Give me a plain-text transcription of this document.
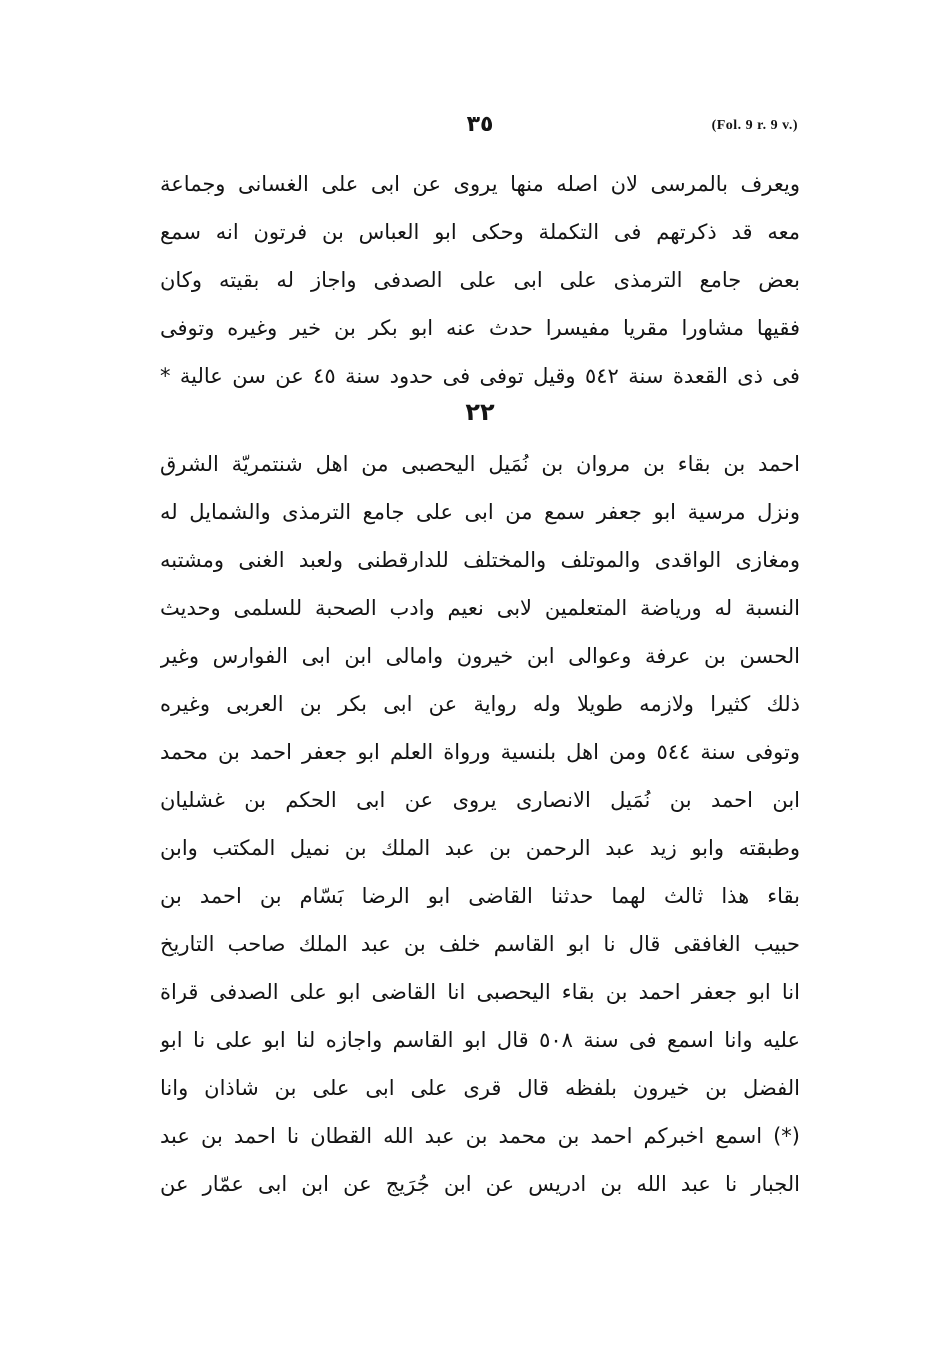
(Fol. 9 r. 9 v.)
٣٥
ويعرف بالمرسى لان اصله منها يروى عن ابى على الغسانى وجماعة
معه قد ذكرتهم فى التكملة وحكى ابو العباس بن فرتون انه سمع
بعض جامع الترمذى على ابى على الصدفى واجاز له بقيته وكان
فقيها مشاورا مقريا مفيسرا حدث عنه ابو بكر بن خير وغيره وتوفى
فى ذى القعدة سنة ٥٤٢ وقيل توفى فى حدود سنة ٤٥ عن سن عالية *
٢٢
احمد بن بقاء بن مروان بن نُمَيل اليحصبى من اهل شنتمريّة الشرق
ونزل مرسية ابو جعفر سمع من ابى على جامع الترمذى والشمايل له
ومغازى الواقدى والموتلف والمختلف للدارقطنى ولعبد الغنى ومشتبه
النسبة له ورياضة المتعلمين لابى نعيم وادب الصحبة للسلمى وحديث
الحسن بن عرفة وعوالى ابن خيرون وامالى ابن ابى الفوارس وغير
ذلك كثيرا ولازمه طويلا وله رواية عن ابى بكر بن العربى وغيره
وتوفى سنة ٥٤٤ ومن اهل بلنسية ورواة العلم ابو جعفر احمد بن محمد
ابن احمد بن نُمَيل الانصارى يروى عن ابى الحكم بن غشليان
وطبقته وابو زيد عبد الرحمن بن عبد الملك بن نميل المكتب وابن
بقاء هذا ثالث لهما حدثنا القاضى ابو الرضا بَسّام بن احمد بن
حبيب الغافقى قال نا ابو القاسم خلف بن عبد الملك صاحب التاريخ
انا ابو جعفر احمد بن بقاء اليحصبى انا القاضى ابو على الصدفى قراة
عليه وانا اسمع فى سنة ٥٠٨ قال ابو القاسم واجازه لنا ابو على نا ابو
الفضل بن خيرون بلفظه قال قرى على ابى على بن شاذان وانا
(*) اسمع اخبركم احمد بن محمد بن عبد الله القطان نا احمد بن عبد
الجبار نا عبد الله بن ادريس عن ابن جُرَيج عن ابن ابى عمّار عن
